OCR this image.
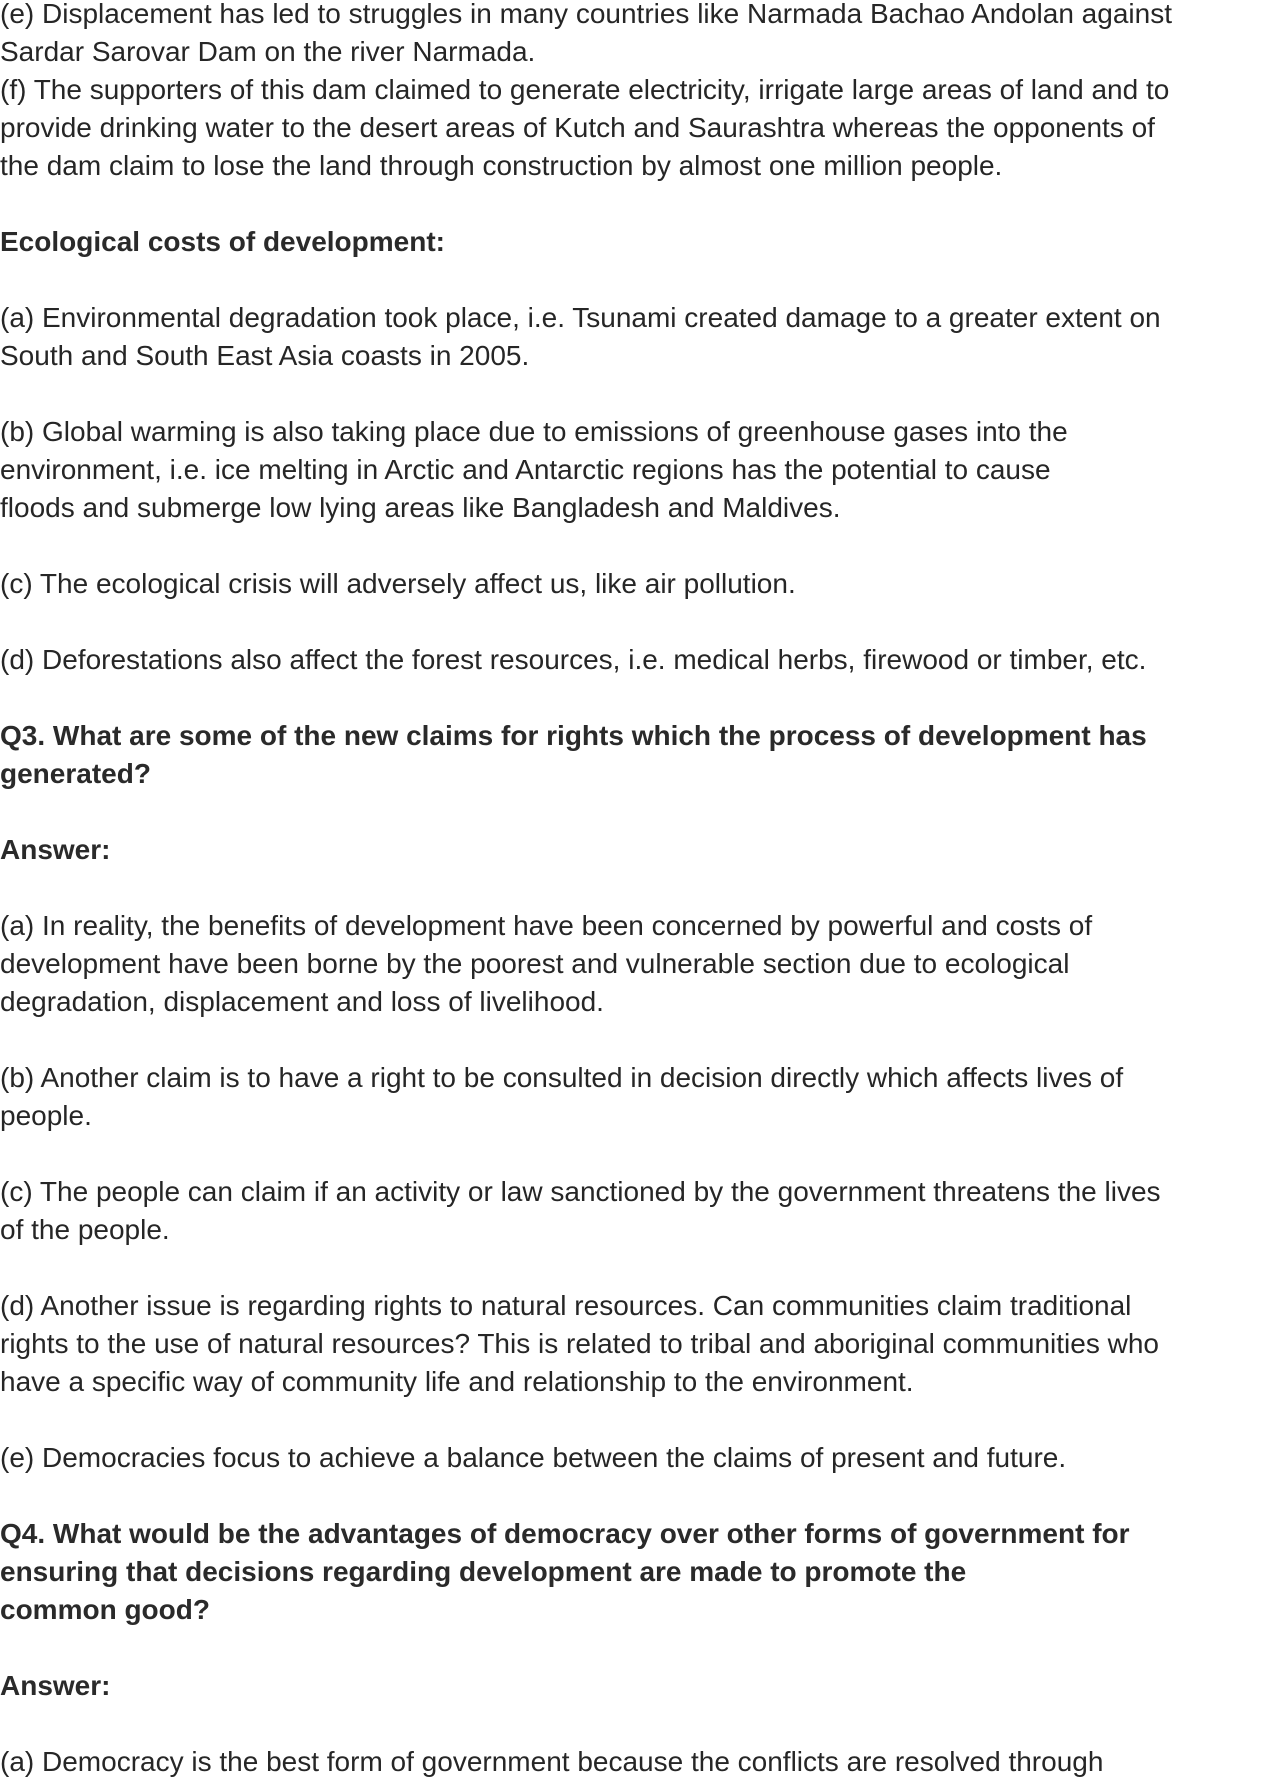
(e) Displacement has led to struggles in many countries like Narmada Bachao Andolan against
Sardar Sarovar Dam on the river Narmada.

(f) The supporters of this dam claimed to generate electricity, irrigate large areas of land and to
provide drinking water to the desert areas of Kutch and Saurashtra whereas the opponents of
the dam claim to lose the land through construction by almost one million people.

Ecological costs of development:

(a) Environmental degradation took place, i.e. Tsunami created damage to a greater extent on
South and South East Asia coasts in 2005.

(b) Global warming is also taking place due to emissions of greenhouse gases into the
environment, i.e. ice melting in Arctic and Antarctic regions has the potential to cause
floods and submerge low lying areas like Bangladesh and Maldives.

(c) The ecological crisis will adversely affect us, like air pollution.

(d) Deforestations also affect the forest resources, i.e. medical herbs, firewood or timber, etc.

Q3. What are some of the new claims for rights which the process of development has
generated?

Answer:

(a) In reality, the benefits of development have been concerned by powerful and costs of
development have been borne by the poorest and vulnerable section due to ecological
degradation, displacement and loss of livelihood.

(b) Another claim is to have a right to be consulted in decision directly which affects lives of
people.

(c) The people can claim if an activity or law sanctioned by the government threatens the lives
of the people.

(d) Another issue is regarding rights to natural resources. Can communities claim traditional
rights to the use of natural resources? This is related to tribal and aboriginal communities who
have a specific way of community life and relationship to the environment.

(e) Democracies focus to achieve a balance between the claims of present and future.

Q4. What would be the advantages of democracy over other forms of government for
ensuring that decisions regarding development are made to promote the
common good?

Answer:

(a) Democracy is the best form of government because the conflicts are resolved through
